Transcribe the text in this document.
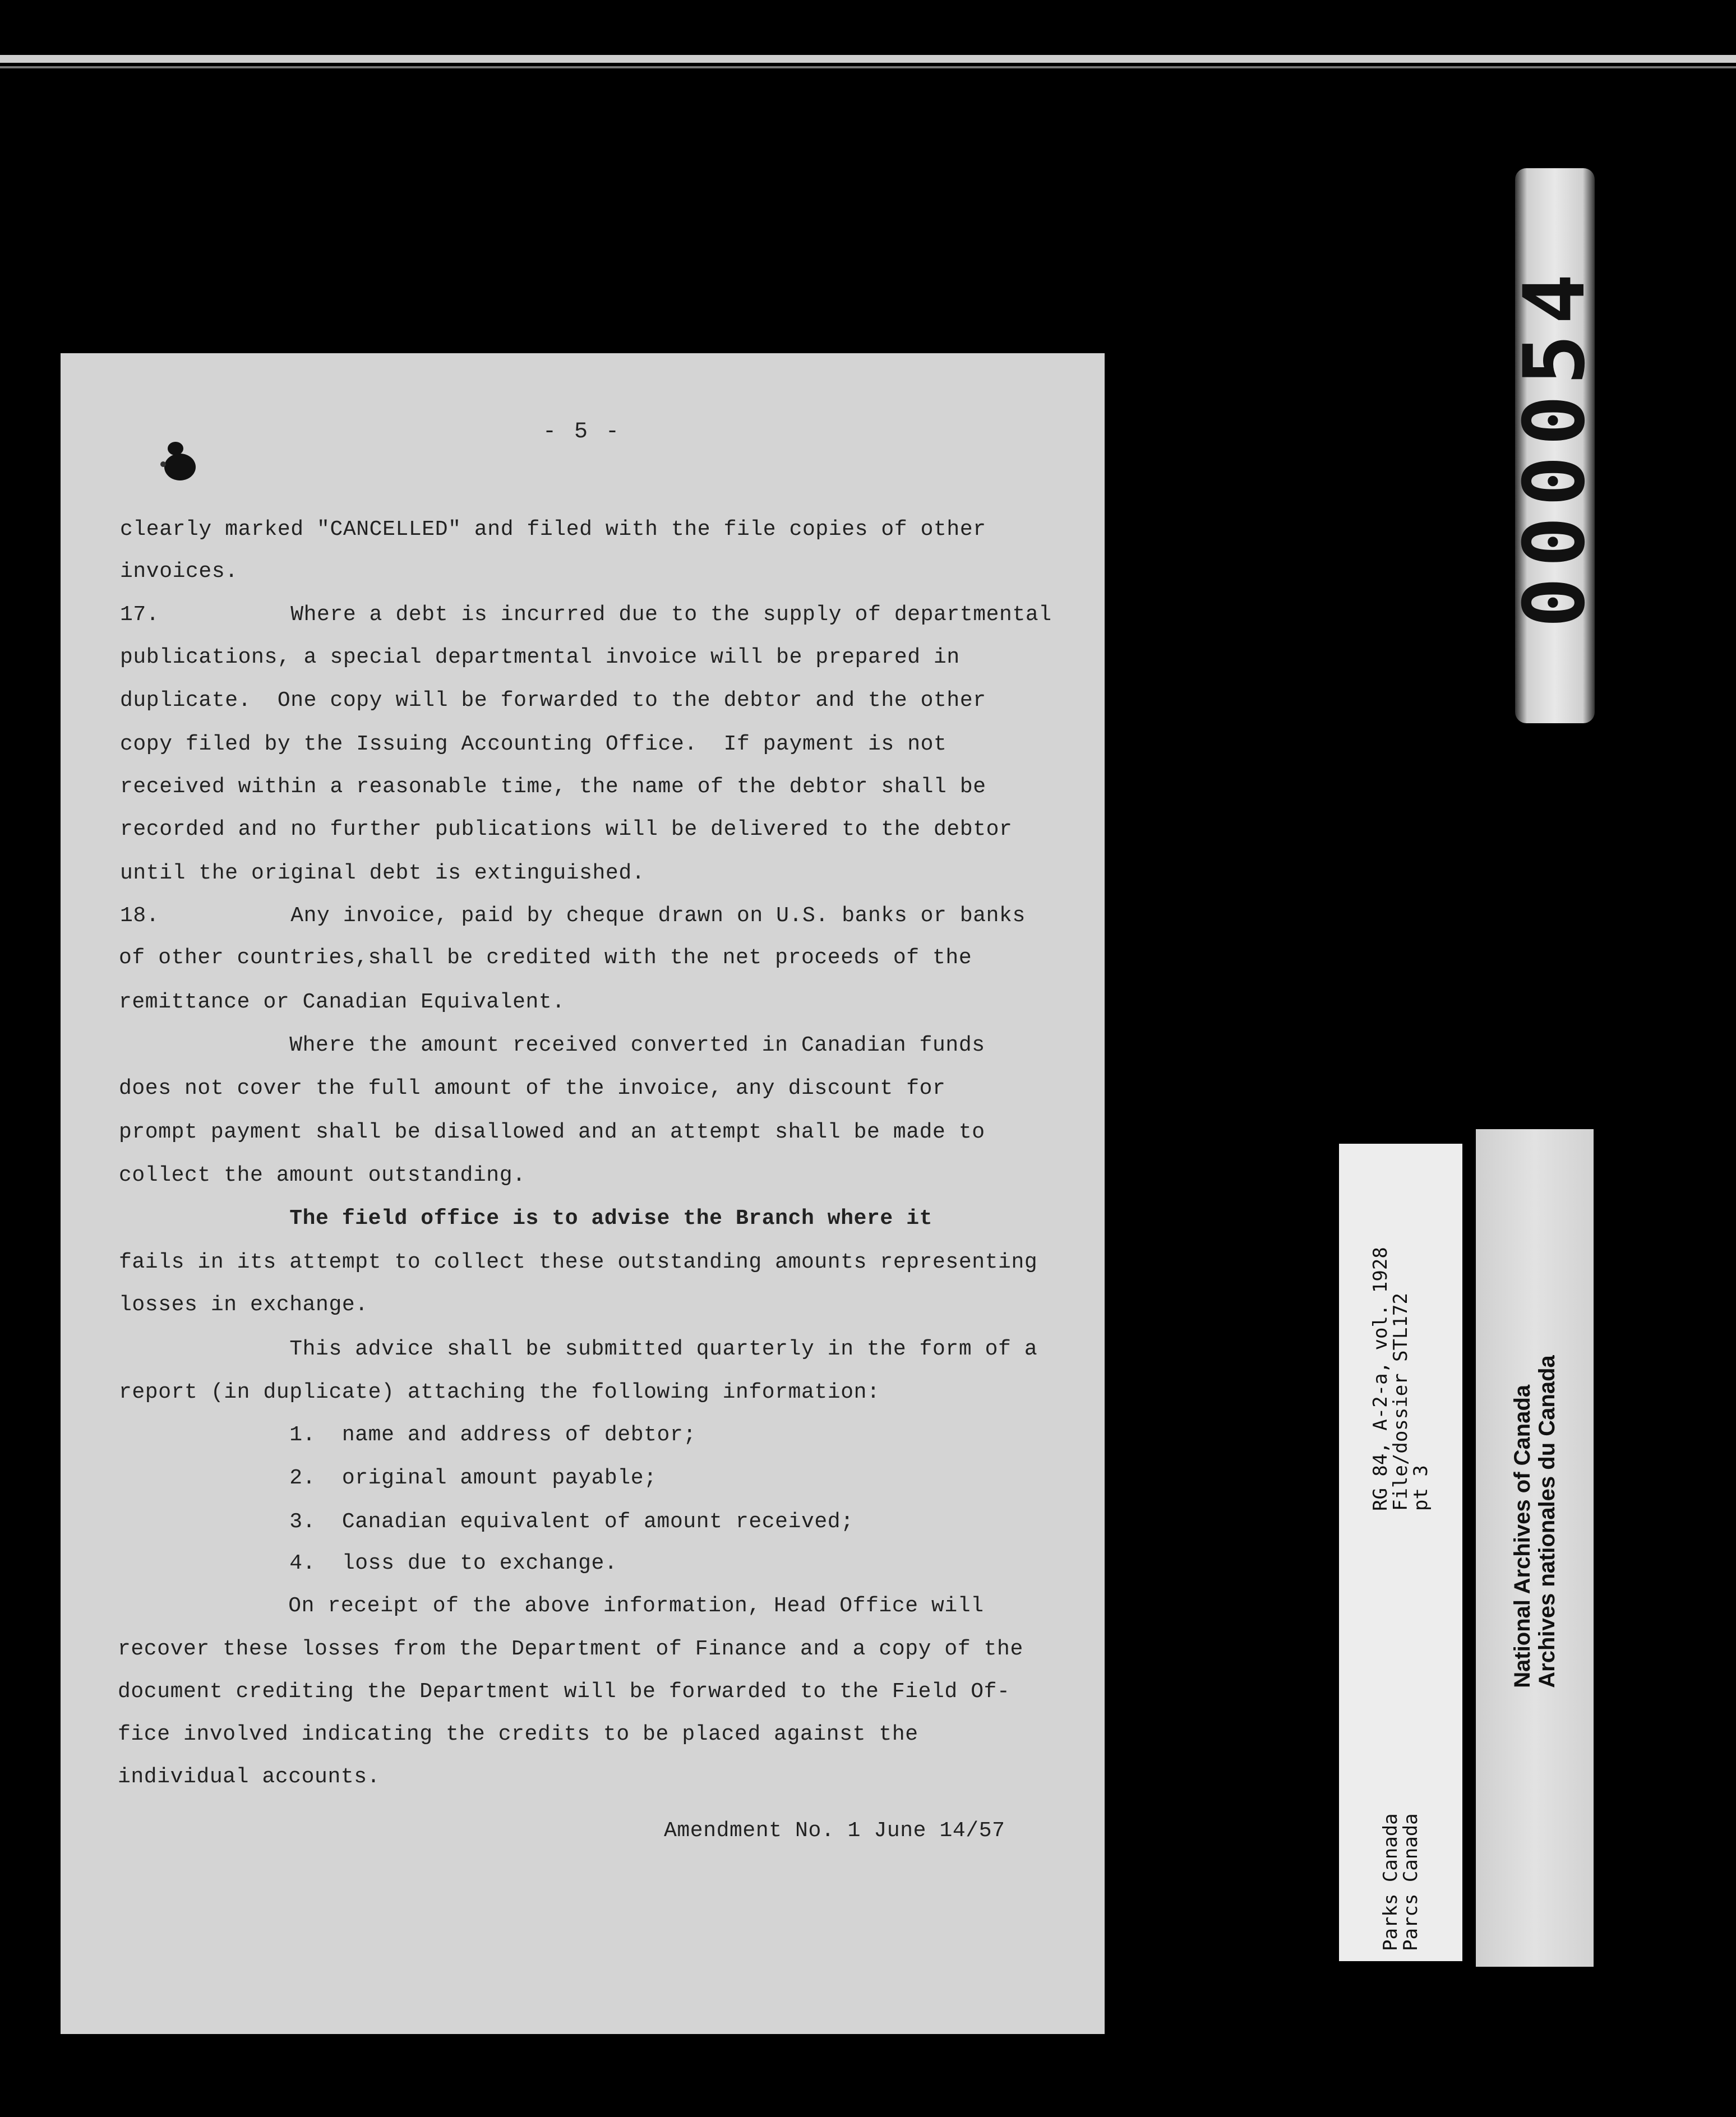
- 5 -
clearly marked "CANCELLED" and filed with the file copies of other
invoices.
17.          Where a debt is incurred due to the supply of departmental
publications, a special departmental invoice will be prepared in
duplicate.  One copy will be forwarded to the debtor and the other
copy filed by the Issuing Accounting Office.  If payment is not
received within a reasonable time, the name of the debtor shall be
recorded and no further publications will be delivered to the debtor
until the original debt is extinguished.
18.          Any invoice, paid by cheque drawn on U.S. banks or banks
of other countries,shall be credited with the net proceeds of the
remittance or Canadian Equivalent.
Where the amount received converted in Canadian funds
does not cover the full amount of the invoice, any discount for
prompt payment shall be disallowed and an attempt shall be made to
collect the amount outstanding.
The field office is to advise the Branch where it
fails in its attempt to collect these outstanding amounts representing
losses in exchange.
This advice shall be submitted quarterly in the form of a
report (in duplicate) attaching the following information:
1.  name and address of debtor;
2.  original amount payable;
3.  Canadian equivalent of amount received;
4.  loss due to exchange.
On receipt of the above information, Head Office will
recover these losses from the Department of Finance and a copy of the
document crediting the Department will be forwarded to the Field Of-
fice involved indicating the credits to be placed against the
individual accounts.
Amendment No. 1 June 14/57
000054
RG 84, A-2-a, vol. 1928
File/dossier STL172
pt 3
Parks Canada
Parcs Canada
National Archives of Canada
Archives nationales du Canada
